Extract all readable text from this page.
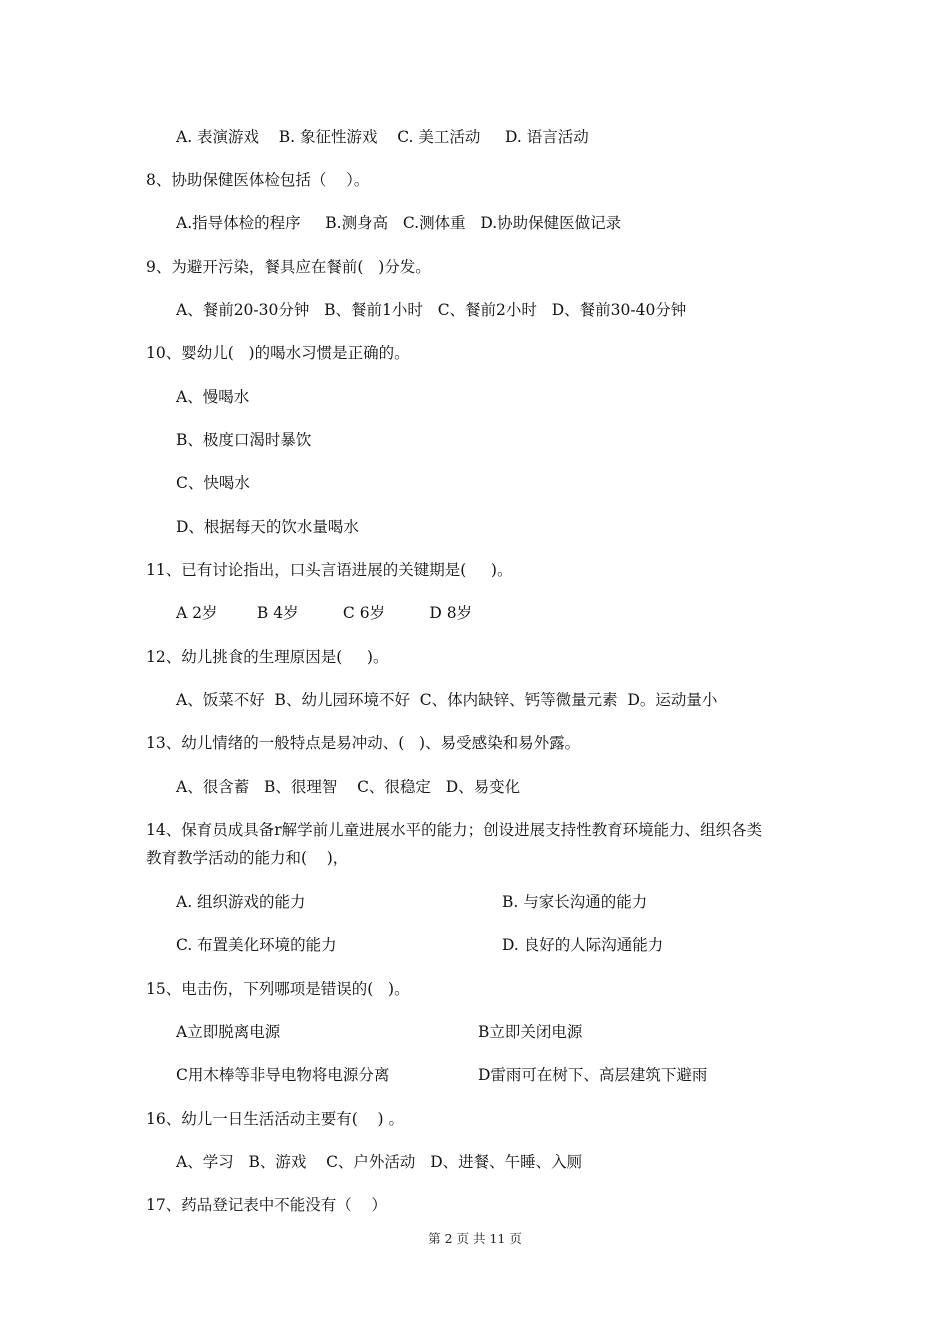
A. 表演游戏    B. 象征性游戏    C. 美工活动     D. 语言活动
8、协助保健医体检包括（    ）。
A.指导体检的程序     B.测身高   C.测体重   D.协助保健医做记录
9、为避开污染，餐具应在餐前(   )分发。
A、餐前20-30分钟   B、餐前1小时   C、餐前2小时   D、餐前30-40分钟
10、婴幼儿(   )的喝水习惯是正确的。
A、慢喝水
B、极度口渴时暴饮
C、快喝水
D、根据每天的饮水量喝水
11、已有讨论指出，口头言语进展的关键期是(     )。
A 2岁        B 4岁         C 6岁         D 8岁
12、幼儿挑食的生理原因是(     )。
A、饭菜不好  B、幼儿园环境不好  C、体内缺锌、钙等微量元素  D。运动量小
13、幼儿情绪的一般特点是易冲动、(   )、易受感染和易外露。
A、很含蓄   B、很理智    C、很稳定   D、易变化
14、保育员成具备r解学前儿童进展水平的能力；创设进展支持性教育环境能力、组织各类
教育教学活动的能力和(    )，
A. 组织游戏的能力	B. 与家长沟通的能力
C. 布置美化环境的能力	D. 良好的人际沟通能力
15、电击伤，下列哪项是错误的(   )。
A立即脱离电源	B立即关闭电源
C用木棒等非导电物将电源分离	D雷雨可在树下、高层建筑下避雨
16、幼儿一日生活活动主要有(    ) 。
A、学习   B、游戏    C、户外活动   D、进餐、午睡、入厕
17、药品登记表中不能没有（    ）
第 2 页 共 11 页
